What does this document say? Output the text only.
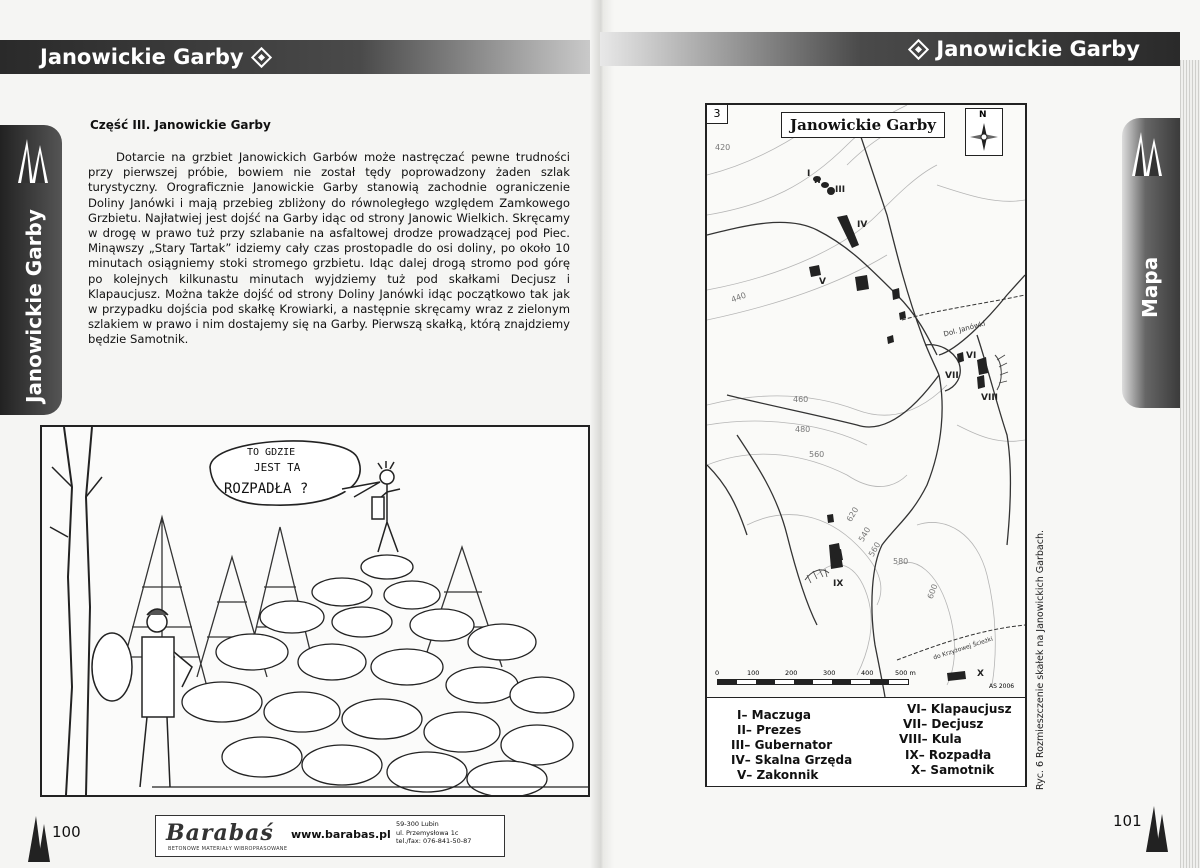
Janowickie Garby
Janowickie Garby
Część III. Janowickie Garby
Dotarcie na grzbiet Janowickich Garbów może nastręczać pewne trudności przy pierwszej próbie, bowiem nie został tędy poprowadzony żaden szlak turystyczny. Orograficznie Janowickie Garby stanowią zachodnie ograniczenie Doliny Janówki i mają przebieg zbliżony do równoległego względem Zamkowego Grzbietu. Najłatwiej jest dojść na Garby idąc od strony Janowic Wielkich. Skręcamy w drogę w prawo tuż przy szlabanie na asfaltowej drodze prowadzącej pod Piec. Minąwszy „Stary Tartak” idziemy cały czas prostopadle do osi doliny, po około 10 minutach osiągniemy stoki stromego grzbietu. Idąc dalej drogą stromo pod górę po kolejnych kilkunastu minutach wyjdziemy tuż pod skałkami Decjusz i Klapaucjusz. Można także dojść od strony Doliny Janówki idąc początkowo tak jak w przypadku dojścia pod skałkę Krowiarki, a następnie skręcamy wraz z zielonym szlakiem w prawo i nim dostajemy się na Garby. Pierwszą skałką, którą znajdziemy będzie Samotnik.
TO GDZIE
JEST TA
ROZPADŁA ?
100	Barabaś
BETONOWE MATERIAŁY WIBROPRASOWANE
www.barabas.pl
59-300 Lubin
ul. Przemysłowa 1c
tel./fax: 076-841-50-87
Janowickie Garby
Mapa
3
Janowickie Garby
N
420
440
460
480
560
620
540
560
580
600
Dol. Janówki
do Krzyżowej Ścieżki
I
II
III
IV
V
VI
VII
VIII
IX
X
0	100	200	300	400	500 m
AS 2006
I– Maczuga
II– Prezes
III– Gubernator
IV– Skalna Grzęda
V– Zakonnik
VI– Klapaucjusz
VII– Decjusz
VIII– Kula
IX– Rozpadła
X– Samotnik	Ryc. 6 Rozmieszczenie skałek na Janowickich Garbach.
101
